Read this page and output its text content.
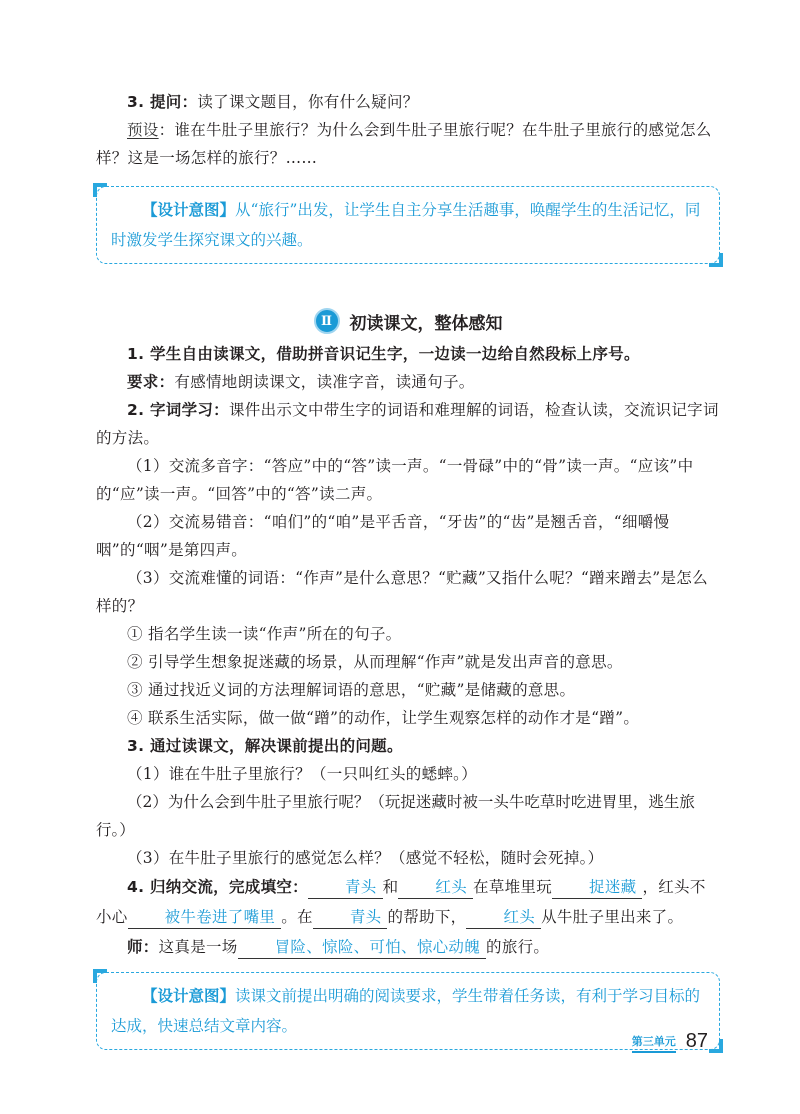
3. 提问：读了课文题目，你有什么疑问？

预设：谁在牛肚子里旅行？为什么会到牛肚子里旅行呢？在牛肚子里旅行的感觉怎么样？这是一场怎样的旅行？……

【设计意图】从“旅行”出发，让学生自主分享生活趣事，唤醒学生的生活记忆，同时激发学生探究课文的兴趣。

Ⅱ	初读课文，整体感知

1. 学生自由读课文，借助拼音识记生字，一边读一边给自然段标上序号。

要求：有感情地朗读课文，读准字音，读通句子。

2. 字词学习：课件出示文中带生字的词语和难理解的词语，检查认读，交流识记字词的方法。

（1）交流多音字：“答应”中的“答”读一声。“一骨碌”中的“骨”读一声。“应该”中的“应”读一声。“回答”中的“答”读二声。

（2）交流易错音：“咱们”的“咱”是平舌音，“牙齿”的“齿”是翘舌音，“细嚼慢咽”的“咽”是第四声。

（3）交流难懂的词语：“作声”是什么意思？“贮藏”又指什么呢？“蹭来蹭去”是怎么样的？

① 指名学生读一读“作声”所在的句子。

② 引导学生想象捉迷藏的场景，从而理解“作声”就是发出声音的意思。

③ 通过找近义词的方法理解词语的意思，“贮藏”是储藏的意思。

④ 联系生活实际，做一做“蹭”的动作，让学生观察怎样的动作才是“蹭”。

3. 通过读课文，解决课前提出的问题。

（1）谁在牛肚子里旅行？（一只叫红头的蟋蟀。）

（2）为什么会到牛肚子里旅行呢？（玩捉迷藏时被一头牛吃草时吃进胃里，逃生旅行。）

（3）在牛肚子里旅行的感觉怎么样？（感觉不轻松，随时会死掉。）

4. 归纳交流，完成填空： 青头 和 红头 在草堆里玩 捉迷藏 ，红头不小心 被牛卷进了嘴里 。在 青头 的帮助下， 红头 从牛肚子里出来了。

师：这真是一场 冒险、惊险、可怕、惊心动魄 的旅行。

【设计意图】读课文前提出明确的阅读要求，学生带着任务读，有利于学习目标的达成，快速总结文章内容。

第三单元 87
